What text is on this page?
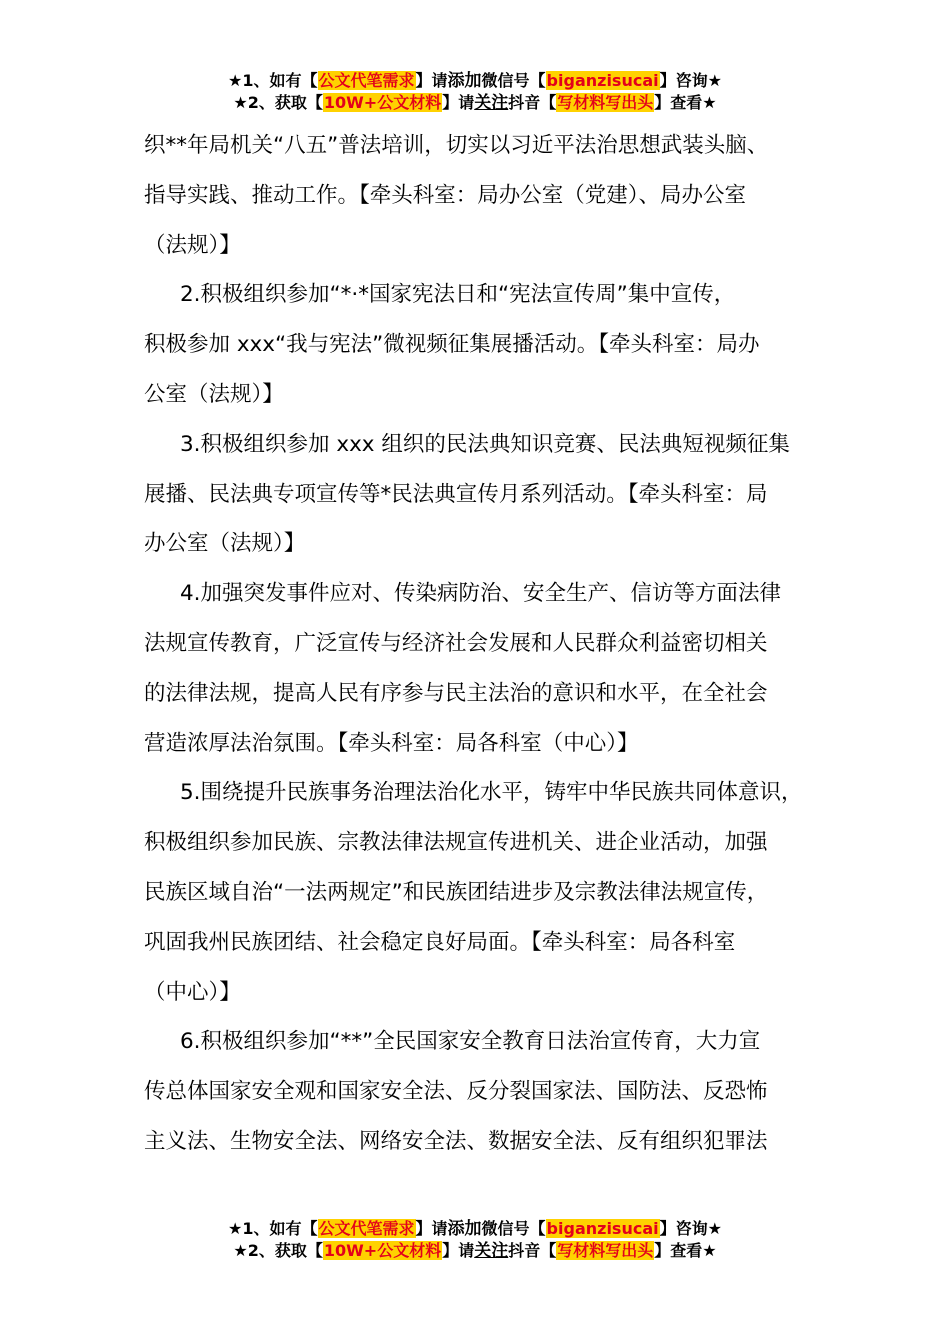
★1、如有【公文代笔需求】请添加微信号【biganzisucai】咨询★
★2、获取【10W+公文材料】请关注抖音【写材料写出头】查看★

织**年局机关“八五”普法培训，切实以习近平法治思想武装头脑、

指导实践、推动工作。【牵头科室：局办公室（党建）、局办公室

（法规）】

2.积极组织参加“*·*国家宪法日和“宪法宣传周”集中宣传，

积极参加 xxx“我与宪法”微视频征集展播活动。【牵头科室：局办

公室（法规）】

3.积极组织参加 xxx 组织的民法典知识竞赛、民法典短视频征集

展播、民法典专项宣传等*民法典宣传月系列活动。【牵头科室：局

办公室（法规）】

4.加强突发事件应对、传染病防治、安全生产、信访等方面法律

法规宣传教育，广泛宣传与经济社会发展和人民群众利益密切相关

的法律法规，提高人民有序参与民主法治的意识和水平，在全社会

营造浓厚法治氛围。【牵头科室：局各科室（中心）】

5.围绕提升民族事务治理法治化水平，铸牢中华民族共同体意识，

积极组织参加民族、宗教法律法规宣传进机关、进企业活动，加强

民族区域自治“一法两规定”和民族团结进步及宗教法律法规宣传，

巩固我州民族团结、社会稳定良好局面。【牵头科室：局各科室

（中心）】

6.积极组织参加“**”全民国家安全教育日法治宣传育，大力宣

传总体国家安全观和国家安全法、反分裂国家法、国防法、反恐怖

主义法、生物安全法、网络安全法、数据安全法、反有组织犯罪法

★1、如有【公文代笔需求】请添加微信号【biganzisucai】咨询★
★2、获取【10W+公文材料】请关注抖音【写材料写出头】查看★
